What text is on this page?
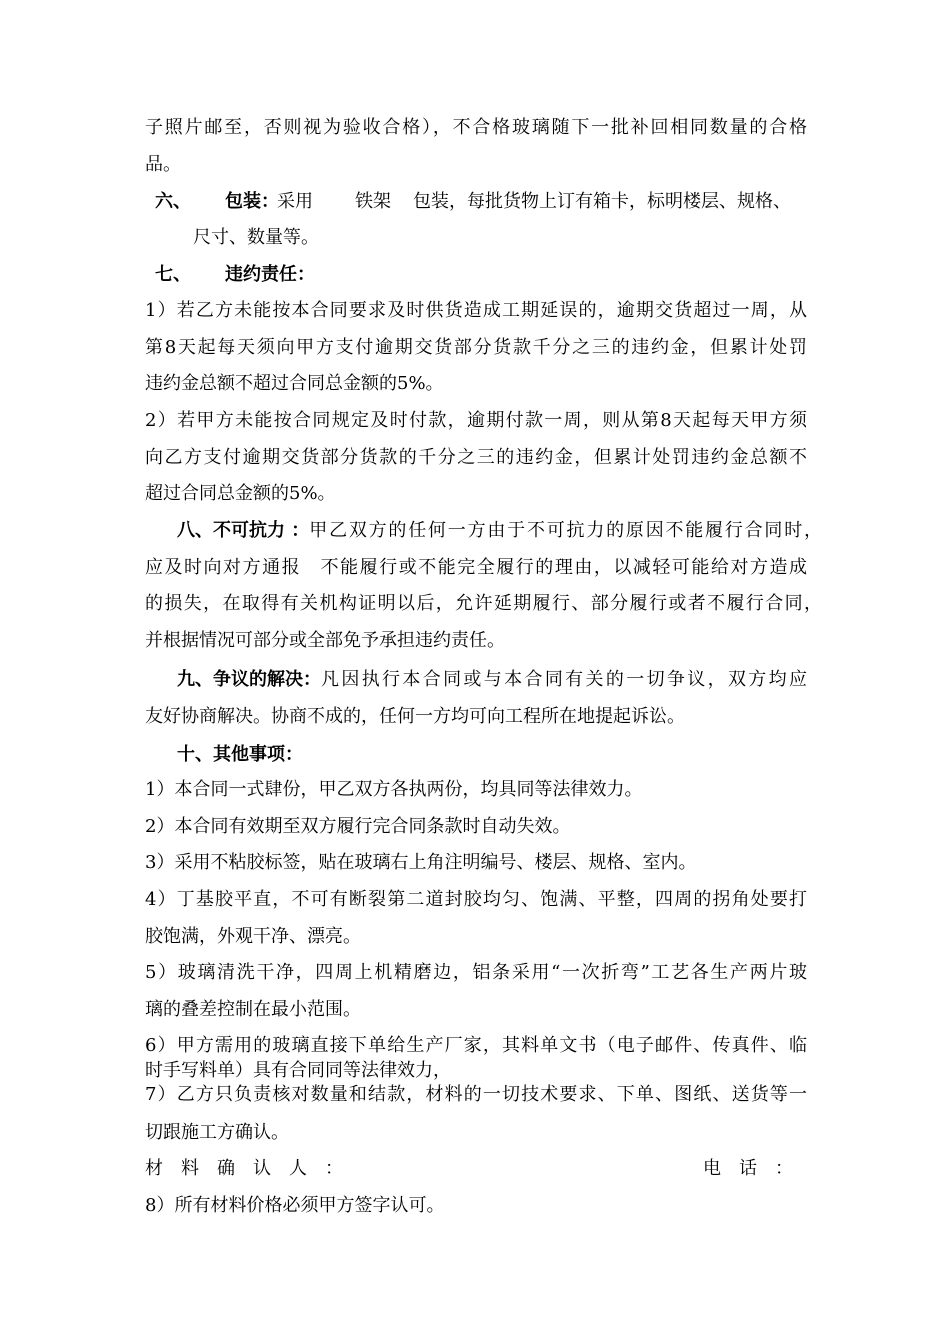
子照片邮至，否则视为验收合格），不合格玻璃随下一批补回相同数量的合格
品。
六、 包装：
采用 铁架 包装，每批货物上订有箱卡，标明楼层、规格、
尺寸、数量等。
七、 违约责任：
1）若乙方未能按本合同要求及时供货造成工期延误的，逾期交货超过一周，从
第8天起每天须向甲方支付逾期交货部分货款千分之三的违约金，但累计处罚
违约金总额不超过合同总金额的5%。
2）若甲方未能按合同规定及时付款，逾期付款一周，则从第8天起每天甲方须
向乙方支付逾期交货部分货款的千分之三的违约金，但累计处罚违约金总额不
超过合同总金额的5%。
八、不可抗力 ： 甲乙双方的任何一方由于不可抗力的原因不能履行合同时，
应及时向对方通报　不能履行或不能完全履行的理由，以减轻可能给对方造成
的损失，在取得有关机构证明以后，允许延期履行、部分履行或者不履行合同，
并根据情况可部分或全部免予承担违约责任。
九、争议的解决： 凡因执行本合同或与本合同有关的一切争议，双方均应
友好协商解决。协商不成的，任何一方均可向工程所在地提起诉讼。
十、其他事项：
1）本合同一式肆份，甲乙双方各执两份，均具同等法律效力。
2）本合同有效期至双方履行完合同条款时自动失效。
3）采用不粘胶标签，贴在玻璃右上角注明编号、楼层、规格、室内。
4）丁基胶平直，不可有断裂第二道封胶均匀、饱满、平整，四周的拐角处要打
胶饱满，外观干净、漂亮。
5）玻璃清洗干净，四周上机精磨边，铝条采用“一次折弯”工艺各生产两片玻
璃的叠差控制在最小范围。
6）甲方需用的玻璃直接下单给生产厂家，其料单文书（电子邮件、传真件、临
时手写料单）具有合同同等法律效力，
7）乙方只负责核对数量和结款，材料的一切技术要求、下单、图纸、送货等一
切跟施工方确认。
材　料　确　认　人　：	电　话　：
8）所有材料价格必须甲方签字认可。
